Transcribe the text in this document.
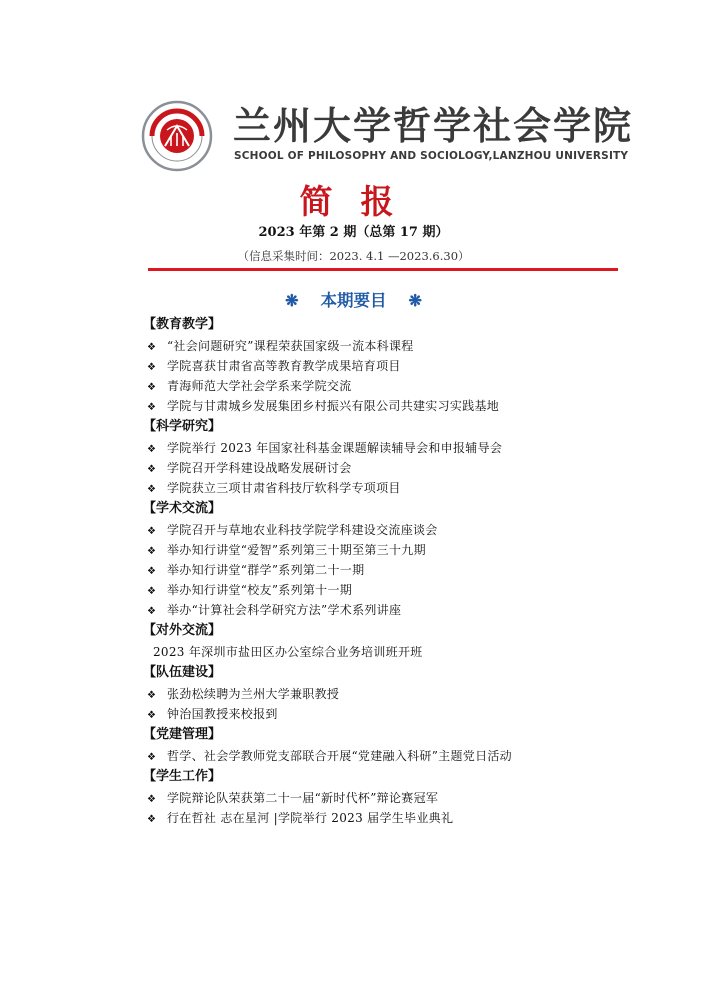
兰州大学哲学社会学院
SCHOOL OF PHILOSOPHY AND SOCIOLOGY,LANZHOU UNIVERSITY
简报
2023 年第 2 期（总第 17 期）
（信息采集时间：2023. 4.1 —2023.6.30）
❋ 本期要目 ❋
【教育教学】
❖ “社会问题研究”课程荣获国家级一流本科课程
❖ 学院喜获甘肃省高等教育教学成果培育项目
❖ 青海师范大学社会学系来学院交流
❖ 学院与甘肃城乡发展集团乡村振兴有限公司共建实习实践基地
【科学研究】
❖ 学院举行 2023 年国家社科基金课题解读辅导会和申报辅导会
❖ 学院召开学科建设战略发展研讨会
❖ 学院获立三项甘肃省科技厅软科学专项项目
【学术交流】
❖ 学院召开与草地农业科技学院学科建设交流座谈会
❖ 举办知行讲堂“爱智”系列第三十期至第三十九期
❖ 举办知行讲堂“群学”系列第二十一期
❖ 举办知行讲堂“校友”系列第十一期
❖ 举办“计算社会科学研究方法”学术系列讲座
【对外交流】
2023 年深圳市盐田区办公室综合业务培训班开班
【队伍建设】
❖ 张劲松续聘为兰州大学兼职教授
❖ 钟治国教授来校报到
【党建管理】
❖ 哲学、社会学教师党支部联合开展“党建融入科研”主题党日活动
【学生工作】
❖ 学院辩论队荣获第二十一届“新时代杯”辩论赛冠军
❖ 行在哲社 志在星河 |学院举行 2023 届学生毕业典礼
